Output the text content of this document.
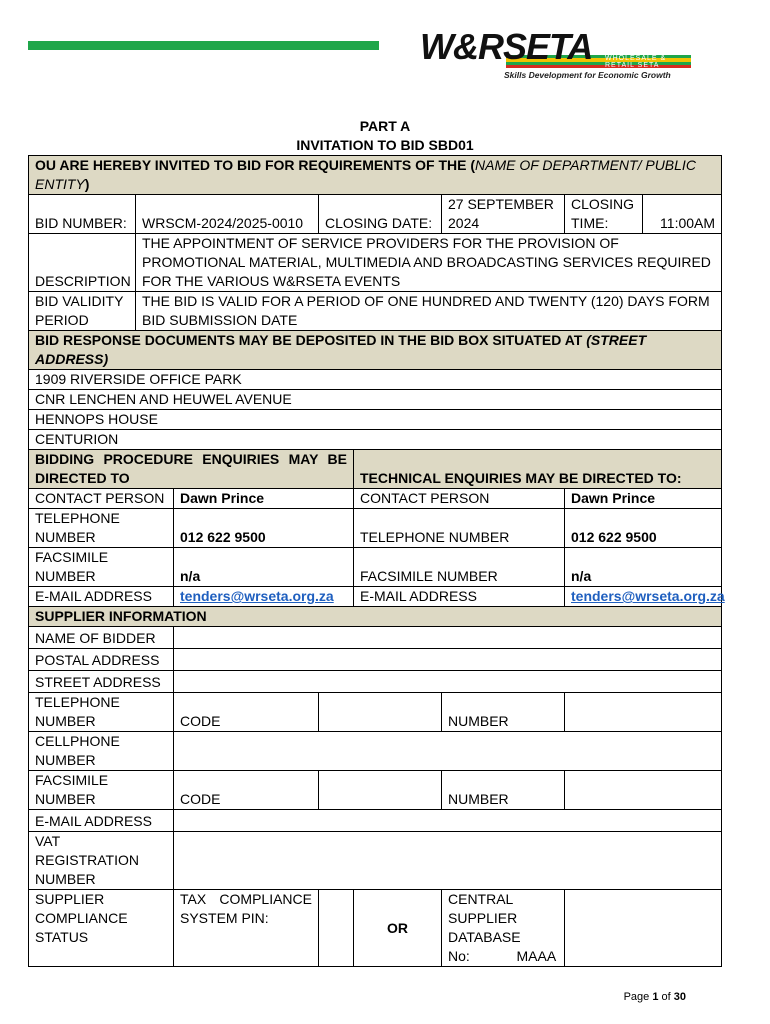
W&RSETA WHOLESALE & RETAIL SETA
Skills Development for Economic Growth
PART A
INVITATION TO BID SBD01
OU ARE HEREBY INVITED TO BID FOR REQUIREMENTS OF THE (NAME OF DEPARTMENT/ PUBLIC ENTITY)							
BID NUMBER:	WRSCM-2024/2025-0010		CLOSING DATE:		27 SEPTEMBER 2024	CLOSING TIME:	11:00AM
DESCRIPTION	THE APPOINTMENT OF SERVICE PROVIDERS FOR THE PROVISION OF PROMOTIONAL MATERIAL, MULTIMEDIA AND BROADCASTING SERVICES REQUIRED FOR THE VARIOUS W&RSETA EVENTS						
BID VALIDITY PERIOD	THE BID IS VALID FOR A PERIOD OF ONE HUNDRED AND TWENTY (120) DAYS FORM BID SUBMISSION DATE						
BID RESPONSE DOCUMENTS MAY BE DEPOSITED IN THE BID BOX SITUATED AT (STREET ADDRESS)							
1909 RIVERSIDE OFFICE PARK							
CNR LENCHEN AND HEUWEL AVENUE							
HENNOPS HOUSE							
CENTURION							
BIDDING PROCEDURE ENQUIRIES MAY BE DIRECTED TO				TECHNICAL ENQUIRIES MAY BE DIRECTED TO:			
CONTACT PERSON		Dawn Prince		CONTACT PERSON		Dawn Prince	
TELEPHONE NUMBER		012 622 9500		TELEPHONE NUMBER		012 622 9500	
FACSIMILE NUMBER		n/a		FACSIMILE NUMBER		n/a	
E-MAIL ADDRESS		tenders@wrseta.org.za		E-MAIL ADDRESS		tenders@wrseta.org.za	
SUPPLIER INFORMATION							
NAME OF BIDDER							
POSTAL ADDRESS							
STREET ADDRESS							
TELEPHONE NUMBER		CODE			NUMBER		
CELLPHONE NUMBER							
FACSIMILE NUMBER		CODE			NUMBER		
E-MAIL ADDRESS							
VAT REGISTRATION NUMBER							
SUPPLIER COMPLIANCE STATUS		TAX COMPLIANCE SYSTEM PIN:		OR	CENTRAL SUPPLIER DATABASE No: MAAA		
Page 1 of 30
